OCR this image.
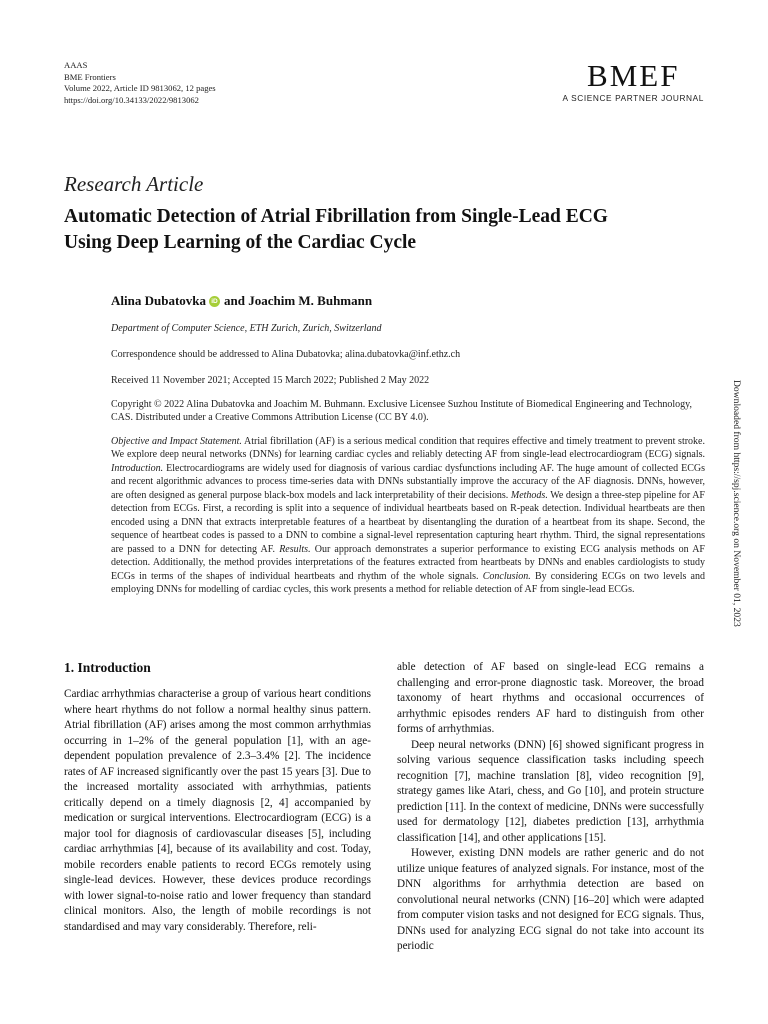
AAAS
BME Frontiers
Volume 2022, Article ID 9813062, 12 pages
https://doi.org/10.34133/2022/9813062
BMEF
A SCIENCE PARTNER JOURNAL
Research Article
Automatic Detection of Atrial Fibrillation from Single-Lead ECG
Using Deep Learning of the Cardiac Cycle
Alina Dubatovka iD and Joachim M. Buhmann
Department of Computer Science, ETH Zurich, Zurich, Switzerland
Correspondence should be addressed to Alina Dubatovka; alina.dubatovka@inf.ethz.ch
Received 11 November 2021; Accepted 15 March 2022; Published 2 May 2022
Copyright © 2022 Alina Dubatovka and Joachim M. Buhmann. Exclusive Licensee Suzhou Institute of Biomedical Engineering and Technology, CAS. Distributed under a Creative Commons Attribution License (CC BY 4.0).

Objective and Impact Statement. Atrial fibrillation (AF) is a serious medical condition that requires effective and timely treatment to prevent stroke. We explore deep neural networks (DNNs) for learning cardiac cycles and reliably detecting AF from single-lead electrocardiogram (ECG) signals. Introduction. Electrocardiograms are widely used for diagnosis of various cardiac dysfunctions including AF. The huge amount of collected ECGs and recent algorithmic advances to process time-series data with DNNs substantially improve the accuracy of the AF diagnosis. DNNs, however, are often designed as general purpose black-box models and lack interpretability of their decisions. Methods. We design a three-step pipeline for AF detection from ECGs. First, a recording is split into a sequence of individual heartbeats based on R-peak detection. Individual heartbeats are then encoded using a DNN that extracts interpretable features of a heartbeat by disentangling the duration of a heartbeat from its shape. Second, the sequence of heartbeat codes is passed to a DNN to combine a signal-level representation capturing heart rhythm. Third, the signal representations are passed to a DNN for detecting AF. Results. Our approach demonstrates a superior performance to existing ECG analysis methods on AF detection. Additionally, the method provides interpretations of the features extracted from heartbeats by DNNs and enables cardiologists to study ECGs in terms of the shapes of individual heartbeats and rhythm of the whole signals. Conclusion. By considering ECGs on two levels and employing DNNs for modelling of cardiac cycles, this work presents a method for reliable detection of AF from single-lead ECGs.	Downloaded from https://spj.science.org on November 01, 2023
1. Introduction

Cardiac arrhythmias characterise a group of various heart conditions where heart rhythms do not follow a normal healthy sinus pattern. Atrial fibrillation (AF) arises among the most common arrhythmias occurring in 1–2% of the general population [1], with an age-dependent population prevalence of 2.3–3.4% [2]. The incidence rates of AF increased significantly over the past 15 years [3]. Due to the increased mortality associated with arrhythmias, patients critically depend on a timely diagnosis [2, 4] accompanied by medication or surgical interventions. Electrocardiogram (ECG) is a major tool for diagnosis of cardiovascular diseases [5], including cardiac arrhythmias [4], because of its availability and cost. Today, mobile recorders enable patients to record ECGs remotely using single-lead devices. However, these devices produce recordings with lower signal-to-noise ratio and lower frequency than standard clinical monitors. Also, the length of mobile recordings is not standardised and may vary considerably. Therefore, reli-

able detection of AF based on single-lead ECG remains a challenging and error-prone diagnostic task. Moreover, the broad taxonomy of heart rhythms and occasional occurrences of arrhythmic episodes renders AF hard to distinguish from other forms of arrhythmias.

Deep neural networks (DNN) [6] showed significant progress in solving various sequence classification tasks including speech recognition [7], machine translation [8], video recognition [9], strategy games like Atari, chess, and Go [10], and protein structure prediction [11]. In the context of medicine, DNNs were successfully used for dermatology [12], diabetes prediction [13], arrhythmia classification [14], and other applications [15].

However, existing DNN models are rather generic and do not utilize unique features of analyzed signals. For instance, most of the DNN algorithms for arrhythmia detection are based on convolutional neural networks (CNN) [16–20] which were adapted from computer vision tasks and not designed for ECG signals. Thus, DNNs used for analyzing ECG signal do not take into account its periodic
